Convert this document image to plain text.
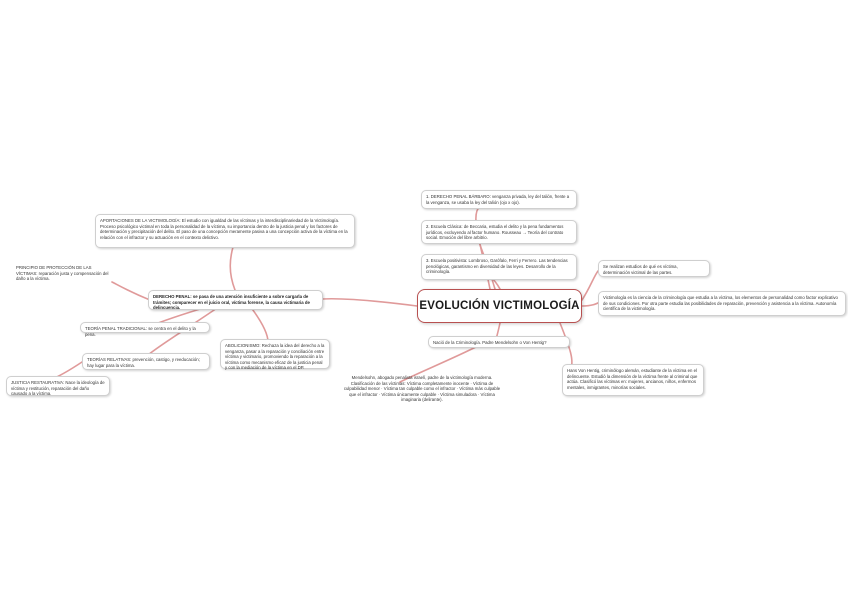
EVOLUCIÓN VICTIMOLOGÍA
1. DERECHO PENAL BÁRBARO: venganza privada, ley del talión, frente a la venganza, se usaba la ley del talión (ojo x ojo).
2. Escuela Clásica: de Beccaria, estudia el delito y la pena fundamentos jurídicos, excluyendo al factor humano. Rousseau → Teoría del contrato social. Emoción del libre arbitrio.
3. Escuela positivista: Lombroso, Garófalo, Ferri y Ferrero. Las tendencias penológicas, garantismo en diversidad de las leyes. Desarrollo de la criminología.
Se realizan estudios de qué es víctima, determinación victimal de las partes.
Victimología es la ciencia de la criminología que estudia a la víctima, los elementos de personalidad como factor explicativo de sus condiciones. Por otra parte estudia las posibilidades de reparación, prevención y asistencia a la víctima. Autonomía científica de la victimología.
Nació de la Criminología. Padre Mendelsohn o Von Hentig?
Hans Von Hentig, criminólogo alemán, estudiante de la víctima en el delincuente. Estudió la dimensión de la víctima frente al criminal que actúa. Clasificó las víctimas en: mujeres, ancianos, niños, enfermos mentales, inmigrantes, minorías sociales.
Mendelsohn, abogado penalista israelí, padre de la victimología moderna. Clasificación de las víctimas: Víctima completamente inocente · Víctima de culpabilidad menor · Víctima tan culpable como el infractor · Víctima más culpable que el infractor · Víctima únicamente culpable · Víctima simuladora · Víctima imaginaria (delirante).
DERECHO PENAL: se pasa de una atención insuficiente a sobre cargarla de trámites; comparecer en el juicio oral, víctima forense, la causa victimaria de delincuencia.
APORTACIONES DE LA VICTIMOLOGÍA: El estudio con igualdad de las víctimas y la interdisciplinariedad de la Victimología. Proceso psicológico victimal en toda la personalidad de la víctima, su importancia dentro de la justicia penal y los factores de determinación y precipitación del delito. El paso de una concepción meramente pasiva a una concepción activa de la víctima en la relación con el infractor y su actuación en el contexto delictivo.
PRINCIPIO DE PROTECCIÓN DE LAS VÍCTIMAS: reparación justa y compensación del daño a la víctima.
TEORÍA PENAL TRADICIONAL: se centra en el delito y la pena.
TEORÍAS RELATIVAS: prevención, castigo, y reeducación; hay lugar para la víctima.
JUSTICIA RESTAURATIVA: Nace la ideología de víctima y restitución, reparación del daño causado a la víctima.
ABOLICIONISMO: Rechaza la idea del derecho a la venganza, pasar a la reparación y conciliación entre víctima y victimario, promoviendo la reparación a la víctima como mecanismo eficaz de la justicia penal y con la mediación de la víctima en el DP.
